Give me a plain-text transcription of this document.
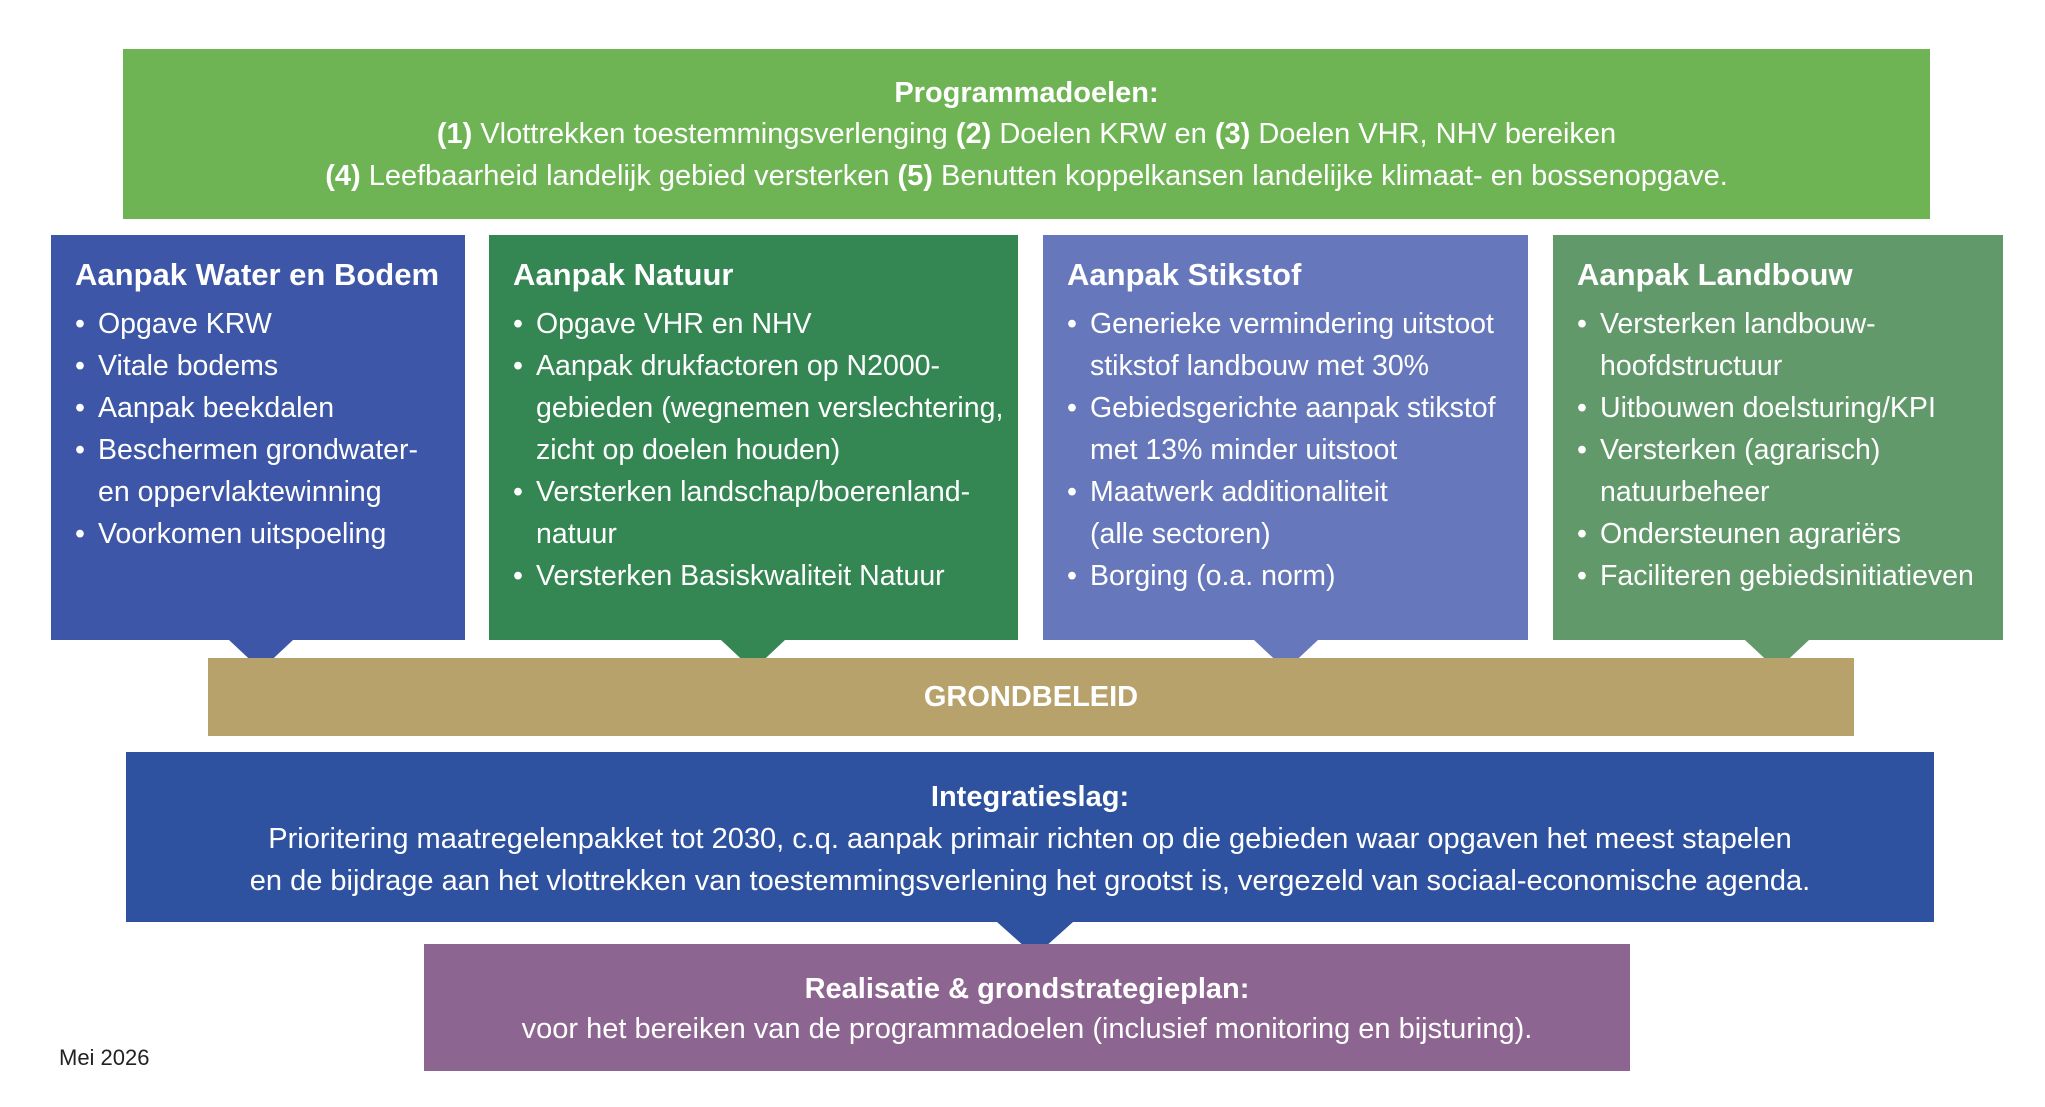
Programmadoelen:
(1) Vlottrekken toestemmingsverlenging (2) Doelen KRW en (3) Doelen VHR, NHV bereiken
(4) Leefbaarheid landelijk gebied versterken (5) Benutten koppelkansen landelijke klimaat- en bossenopgave.
Aanpak Water en Bodem
• Opgave KRW
• Vitale bodems
• Aanpak beekdalen
• Beschermen grondwater-
en oppervlaktewinning
• Voorkomen uitspoeling
Aanpak Natuur
• Opgave VHR en NHV
• Aanpak drukfactoren op N2000-
gebieden (wegnemen verslechtering,
zicht op doelen houden)
• Versterken landschap/boerenland-
natuur
• Versterken Basiskwaliteit Natuur
Aanpak Stikstof
• Generieke vermindering uitstoot
stikstof landbouw met 30%
• Gebiedsgerichte aanpak stikstof
met 13% minder uitstoot
• Maatwerk additionaliteit
(alle sectoren)
• Borging (o.a. norm)
Aanpak Landbouw
• Versterken landbouw-
hoofdstructuur
• Uitbouwen doelsturing/KPI
• Versterken (agrarisch)
natuurbeheer
• Ondersteunen agrariërs
• Faciliteren gebiedsinitiatieven
GRONDBELEID
Integratieslag:
Prioritering maatregelenpakket tot 2030, c.q. aanpak primair richten op die gebieden waar opgaven het meest stapelen
en de bijdrage aan het vlottrekken van toestemmingsverlening het grootst is, vergezeld van sociaal-economische agenda.
Realisatie & grondstrategieplan:
voor het bereiken van de programmadoelen (inclusief monitoring en bijsturing).
Mei 2026
